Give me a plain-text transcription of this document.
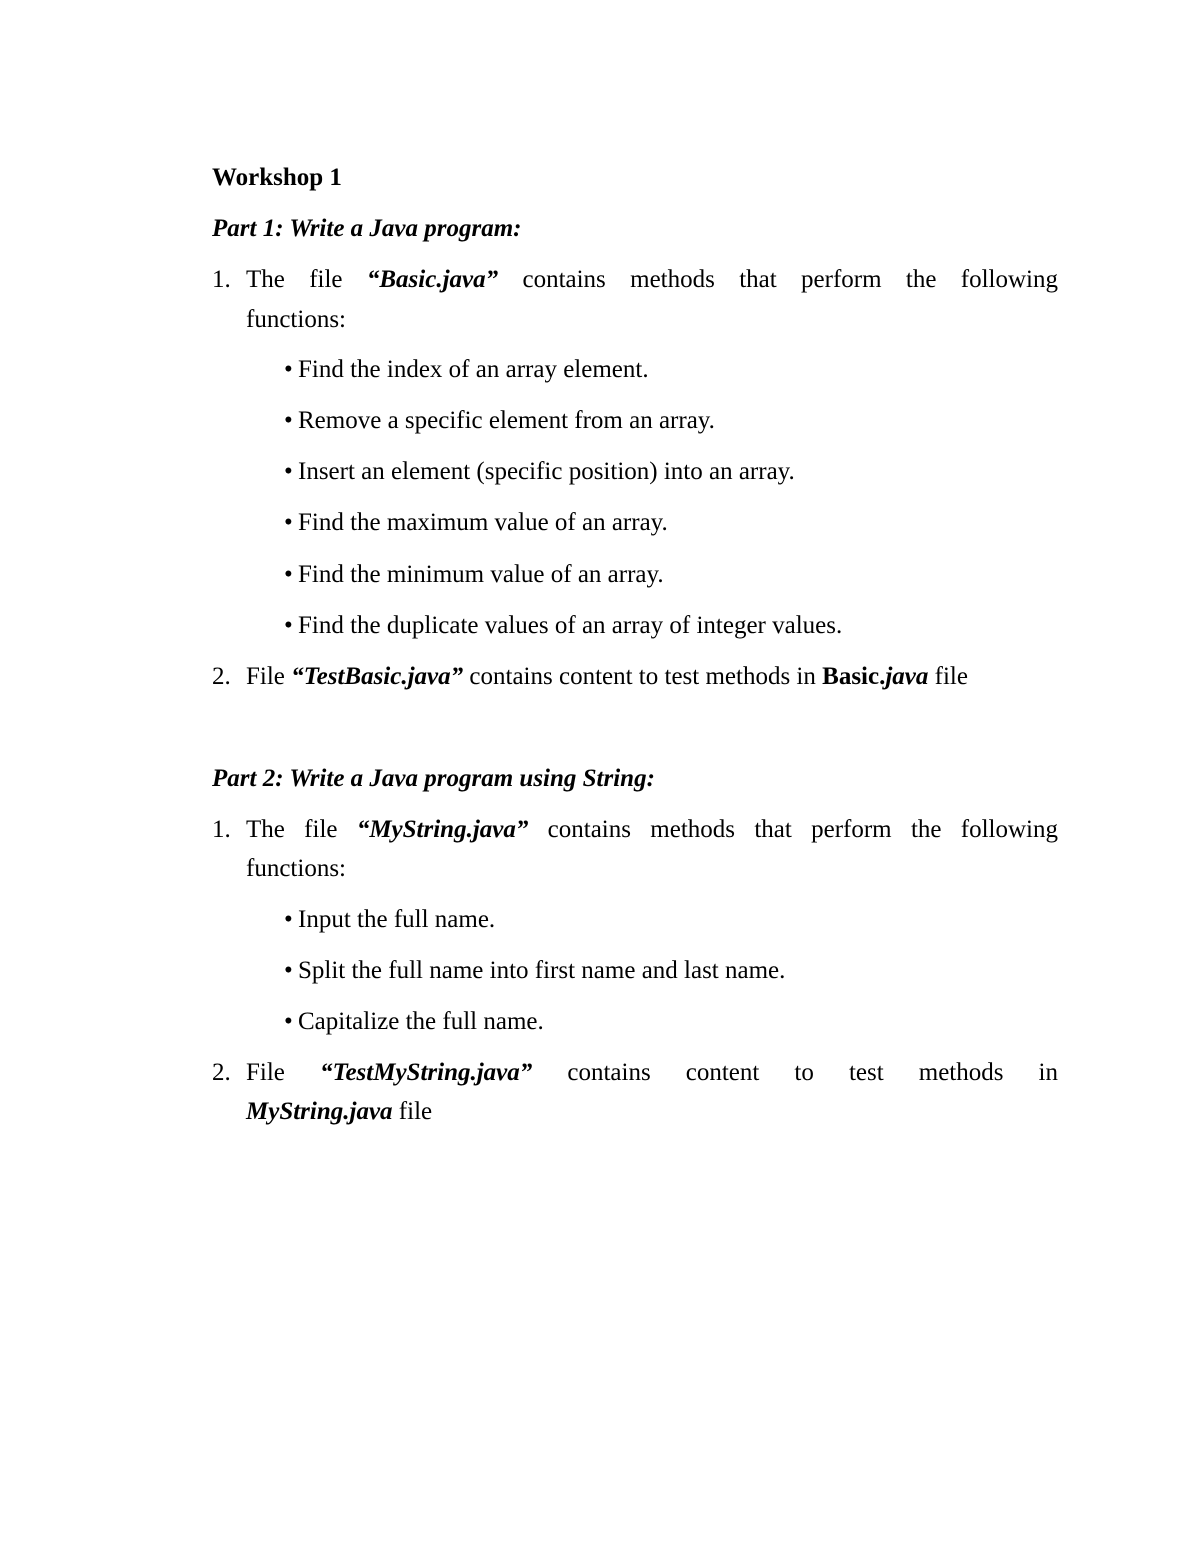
Workshop 1
Part 1: Write a Java program:
1. The file “Basic.java” contains methods that perform the following
functions:
• Find the index of an array element.
• Remove a specific element from an array.
• Insert an element (specific position) into an array.
• Find the maximum value of an array.
• Find the minimum value of an array.
• Find the duplicate values of an array of integer values.
2. File “TestBasic.java” contains content to test methods in Basic.java file
Part 2: Write a Java program using String:
1. The file “MyString.java” contains methods that perform the following
functions:
• Input the full name.
• Split the full name into first name and last name.
• Capitalize the full name.
2. File “TestMyString.java” contains content to test methods in
MyString.java file
